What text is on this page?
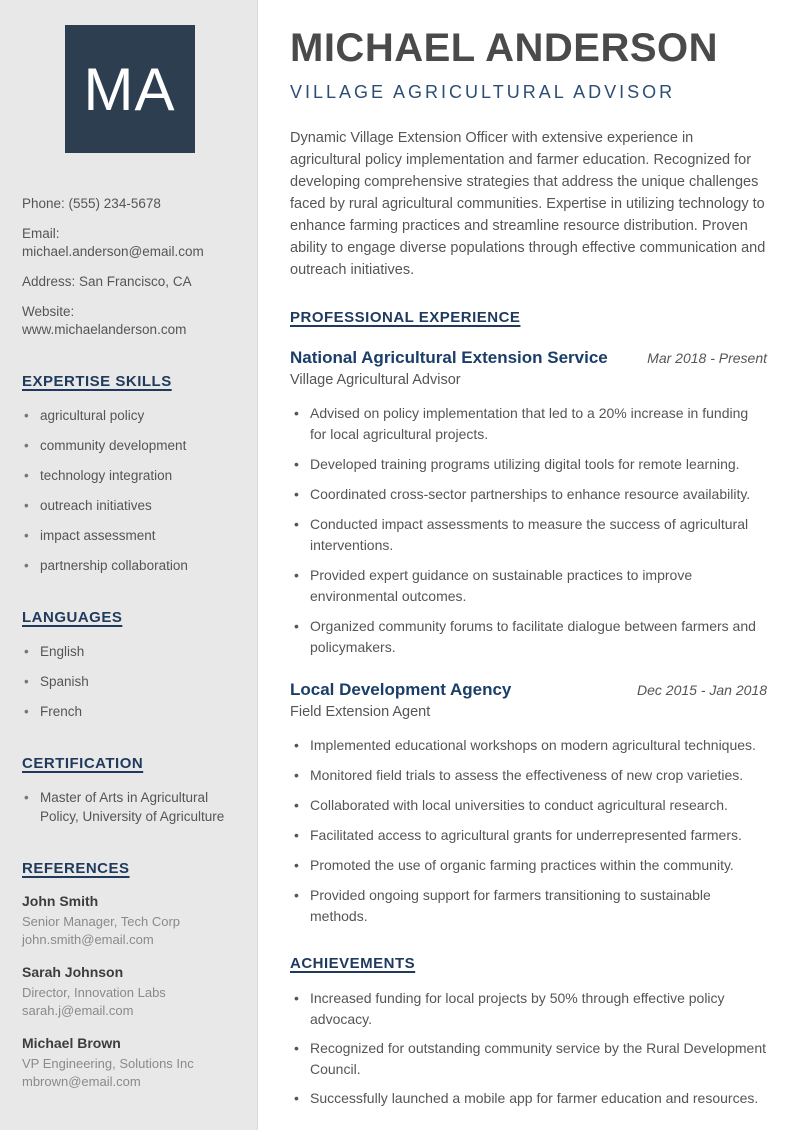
MA
Phone: (555) 234-5678
Email: michael.anderson@email.com
Address: San Francisco, CA
Website: www.michaelanderson.com
EXPERTISE SKILLS
• agricultural policy
• community development
• technology integration
• outreach initiatives
• impact assessment
• partnership collaboration
LANGUAGES
• English
• Spanish
• French
CERTIFICATION
• Master of Arts in Agricultural Policy, University of Agriculture
REFERENCES
John Smith
Senior Manager, Tech Corp
john.smith@email.com
Sarah Johnson
Director, Innovation Labs
sarah.j@email.com
Michael Brown
VP Engineering, Solutions Inc
mbrown@email.com
MICHAEL ANDERSON
VILLAGE AGRICULTURAL ADVISOR

Dynamic Village Extension Officer with extensive experience in agricultural policy implementation and farmer education. Recognized for developing comprehensive strategies that address the unique challenges faced by rural agricultural communities. Expertise in utilizing technology to enhance farming practices and streamline resource distribution. Proven ability to engage diverse populations through effective communication and outreach initiatives.

PROFESSIONAL EXPERIENCE
National Agricultural Extension Service	Mar 2018 - Present
Village Agricultural Advisor
• Advised on policy implementation that led to a 20% increase in funding for local agricultural projects.
• Developed training programs utilizing digital tools for remote learning.
• Coordinated cross-sector partnerships to enhance resource availability.
• Conducted impact assessments to measure the success of agricultural interventions.
• Provided expert guidance on sustainable practices to improve environmental outcomes.
• Organized community forums to facilitate dialogue between farmers and policymakers.
Local Development Agency	Dec 2015 - Jan 2018
Field Extension Agent
• Implemented educational workshops on modern agricultural techniques.
• Monitored field trials to assess the effectiveness of new crop varieties.
• Collaborated with local universities to conduct agricultural research.
• Facilitated access to agricultural grants for underrepresented farmers.
• Promoted the use of organic farming practices within the community.
• Provided ongoing support for farmers transitioning to sustainable methods.
ACHIEVEMENTS
• Increased funding for local projects by 50% through effective policy advocacy.
• Recognized for outstanding community service by the Rural Development Council.
• Successfully launched a mobile app for farmer education and resources.
